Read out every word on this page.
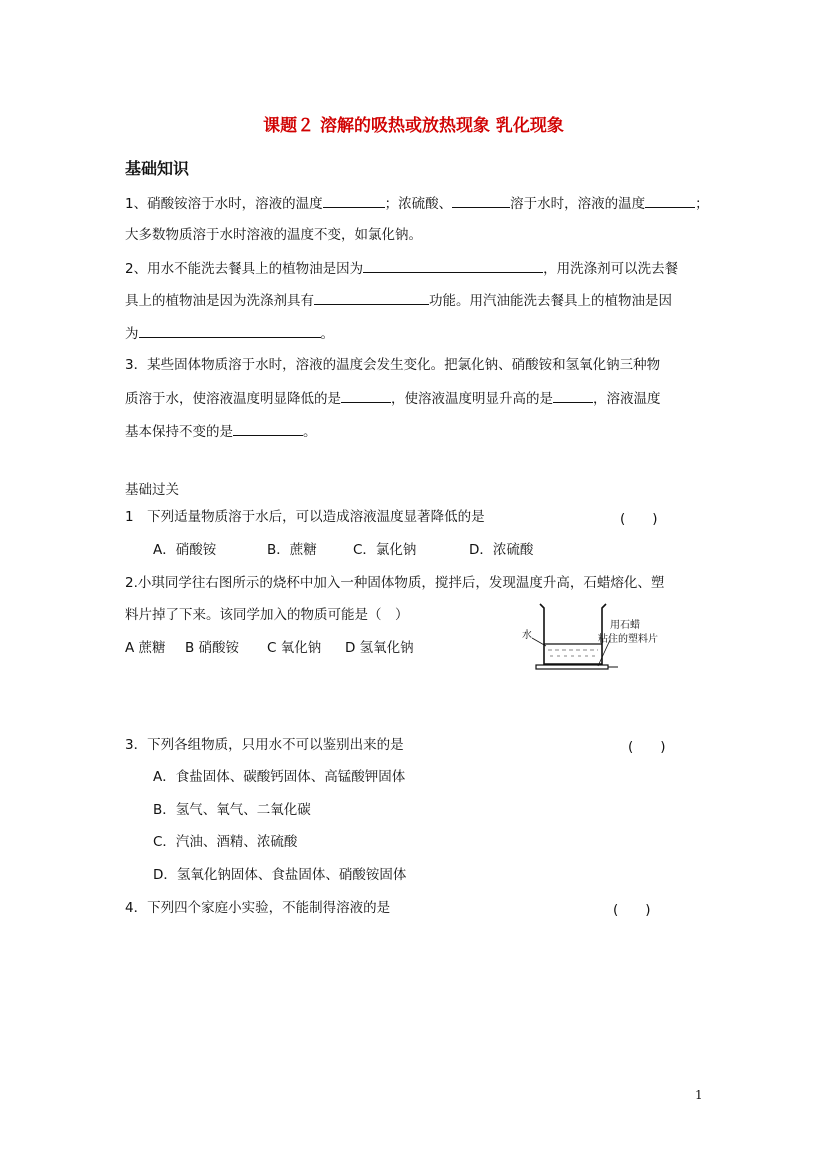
课题２ 溶解的吸热或放热现象 乳化现象
基础知识
1、硝酸铵溶于水时，溶液的温度	；浓硫酸、	溶于水时，溶液的温度	；
大多数物质溶于水时溶液的温度不变，如氯化钠。
2、用水不能洗去餐具上的植物油是因为	，用洗涤剂可以洗去餐
具上的植物油是因为洗涤剂具有	功能。用汽油能洗去餐具上的植物油是因
为	。
3．某些固体物质溶于水时，溶液的温度会发生变化。把氯化钠、硝酸铵和氢氧化钠三种物
质溶于水，使溶液温度明显降低的是	，使溶液温度明显升高的是	，溶液温度
基本保持不变的是	。
基础过关
1　下列适量物质溶于水后，可以造成溶液温度显著降低的是	(　　)
A．硝酸铵	B．蔗糖	C．氯化钠	D．浓硫酸
2.小琪同学往右图所示的烧杯中加入一种固体物质，搅拌后，发现温度升高，石蜡熔化、塑
料片掉了下来。该同学加入的物质可能是（　）
A 蔗糖 B 硝酸铵 C 氧化钠 D 氢氧化钠
水
用石蜡
粘住的塑料片
3．下列各组物质，只用水不可以鉴别出来的是	(　　)
A．食盐固体、碳酸钙固体、高锰酸钾固体
B．氢气、氧气、二氧化碳
C．汽油、酒精、浓硫酸
D．氢氧化钠固体、食盐固体、硝酸铵固体
4．下列四个家庭小实验，不能制得溶液的是	(　　)
1
